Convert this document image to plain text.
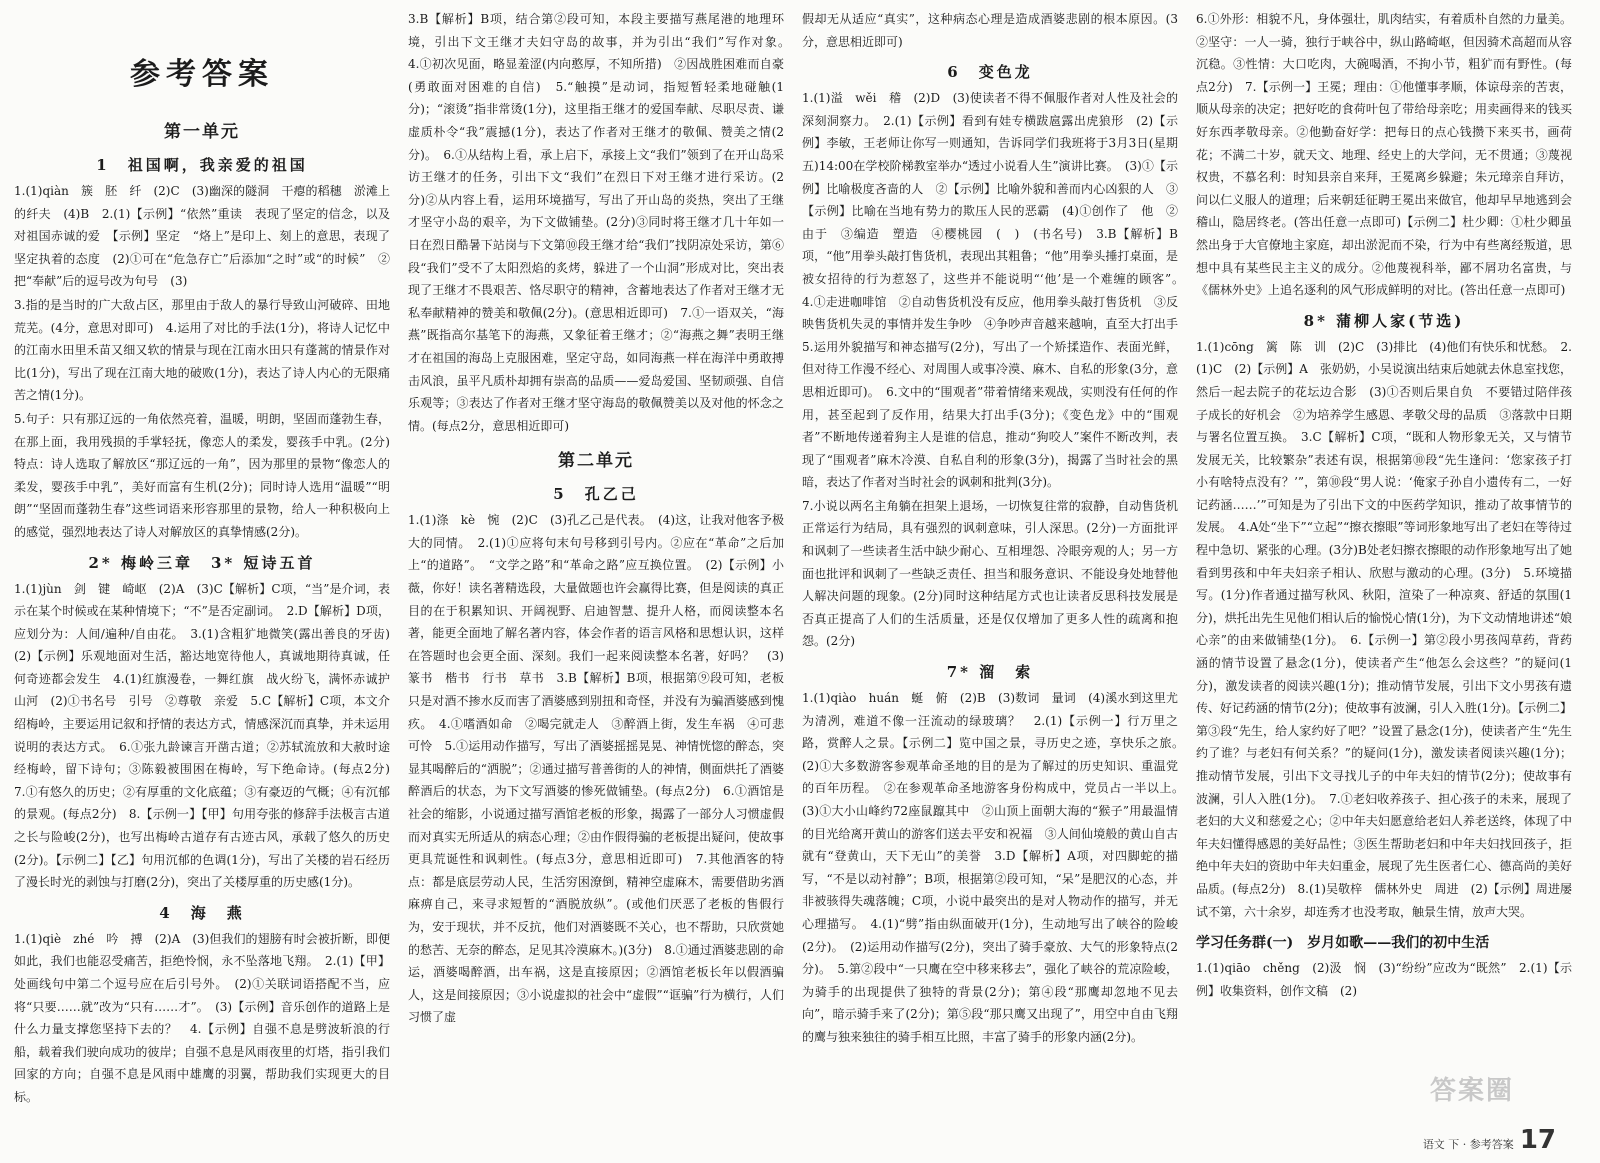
参考答案
第一单元
1　祖国啊，我亲爱的祖国

1.(1)qiàn　簇　胚　纤　(2)C　(3)幽深的隧洞　干瘪的稻穗　淤滩上的纤夫　(4)B　2.(1)【示例】“依然”重读　表现了坚定的信念，以及对祖国赤诚的爱　【示例】坚定　“烙上”是印上、刻上的意思，表现了坚定执着的态度　(2)①可在“危急存亡”后添加“之时”或“的时候”　②把“奉献”后的逗号改为句号　(3)

3.指的是当时的广大敌占区，那里由于敌人的暴行导致山河破碎、田地荒芜。(4分，意思对即可)　4.运用了对比的手法(1分)，将诗人记忆中的江南水田里禾苗又细又软的情景与现在江南水田只有蓬蒿的情景作对比(1分)，写出了现在江南大地的破败(1分)，表达了诗人内心的无限痛苦之情(1分)。

5.句子：只有那辽远的一角依然亮着，温暖，明朗，坚固而蓬勃生春，在那上面，我用残损的手掌轻抚，像恋人的柔发，婴孩手中乳。(2分)特点：诗人选取了解放区“那辽远的一角”，因为那里的景物“像恋人的柔发，婴孩手中乳”，美好而富有生机(2分)；同时诗人选用“温暖”“明朗”“坚固而蓬勃生春”这些词语来形容那里的景物，给人一种积极向上的感觉，强烈地表达了诗人对解放区的真挚情感(2分)。

2* 梅岭三章　3* 短诗五首

1.(1)jùn　剑　键　崎岖　(2)A　(3)C【解析】C项，“当”是介词，表示在某个时候或在某种情境下；“不”是否定副词。　2.D【解析】D项，应划分为：人间/遍种/自由花。　3.(1)含粗犷地微笑(露出善良的牙齿)　(2)【示例】乐观地面对生活，豁达地宽待他人，真诚地期待真诚，任何奇迹都会发生　4.(1)红旗漫卷，一舞红旗　战火纷飞，满怀赤诚护山河　(2)①书名号　引号　②尊敬　亲爱　5.C【解析】C项，本文介绍梅岭，主要运用记叙和抒情的表达方式，情感深沉而真挚，并未运用说明的表达方式。　6.①张九龄谏言开凿古道；②苏轼流放和大赦时途经梅岭，留下诗句；③陈毅被围困在梅岭，写下绝命诗。(每点2分)　7.①有悠久的历史；②有厚重的文化底蕴；③有豪迈的气概；④有沉郁的景观。(每点2分)　8.【示例一】【甲】句用夸张的修辞手法极言古道之长与险峻(2分)，也写出梅岭古道存有古迹古风，承载了悠久的历史(2分)。【示例二】【乙】句用沉郁的色调(1分)，写出了关楼的岩石经历了漫长时光的剥蚀与打磨(2分)，突出了关楼厚重的历史感(1分)。

4　海　燕

1.(1)qiè　zhé　吟　搏　(2)A　(3)但我们的翅膀有时会被折断，即便如此，我们也能忍受痛苦，拒绝怜悯，永不坠落地飞翔。　2.(1)【甲】处画线句中第二个逗号应在后引号外。　(2)①关联词语搭配不当，应将“只要……就”改为“只有……才”。　(3)【示例】音乐创作的道路上是什么力量支撑您坚持下去的？　4.【示例】自强不息是劈波斩浪的行船，载着我们驶向成功的彼岸；自强不息是风雨夜里的灯塔，指引我们回家的方向；自强不息是风雨中雄鹰的羽翼，帮助我们实现更大的目标。

3.B【解析】B项，结合第②段可知，本段主要描写燕尾港的地理环境，引出下文王继才夫妇守岛的故事，并为引出“我们”写作对象。　4.①初次见面，略显羞涩(内向憨厚，不知所措)　②因战胜困难而自豪(勇敢面对困难的自信)　5.“触摸”是动词，指短暂轻柔地碰触(1分)；“滚烫”指非常烫(1分)，这里指王继才的爱国奉献、尽职尽责、谦虚质朴令“我”震撼(1分)，表达了作者对王继才的敬佩、赞美之情(2分)。　6.①从结构上看，承上启下，承接上文“我们”领到了在开山岛采访王继才的任务，引出下文“我们”在烈日下对王继才进行采访。(2分)②从内容上看，运用环境描写，写出了开山岛的炎热，突出了王继才坚守小岛的艰辛，为下文做铺垫。(2分)③同时将王继才几十年如一日在烈日酷暑下站岗与下文第⑩段王继才给“我们”找阴凉处采访，第⑥段“我们”受不了太阳烈焰的炙烤，躲进了一个山洞”形成对比，突出表现了王继才不畏艰苦、恪尽职守的精神，含蓄地表达了作者对王继才无私奉献精神的赞美和敬佩(2分)。(意思相近即可)　7.①一语双关，“海燕”既指高尔基笔下的海燕，又象征着王继才；②“海燕之舞”表明王继才在祖国的海岛上克服困难，坚定守岛，如同海燕一样在海洋中勇敢搏击风浪，虽平凡质朴却拥有崇高的品质——爱岛爱国、坚韧顽强、自信乐观等；③表达了作者对王继才坚守海岛的敬佩赞美以及对他的怀念之情。(每点2分，意思相近即可)

第二单元
5　孔乙己

1.(1)涤　kè　惋　(2)C　(3)孔乙己是代表。　(4)这，让我对他客予极大的同情。　2.(1)①应将句末句号移到引号内。②应在“革命”之后加上“的道路”。　“文学之路”和“革命之路”应互换位置。　(2)【示例】小薇，你好！读名著精选段，大量做题也许会赢得比赛，但是阅读的真正目的在于积累知识、开阔视野、启迪智慧、提升人格，而阅读整本名著，能更全面地了解名著内容，体会作者的语言风格和思想认识，这样在答题时也会更全面、深刻。我们一起来阅读整本名著，好吗？　(3)篆书　楷书　行书　草书　3.B【解析】B项，根据第⑨段可知，老板只是对酒不掺水反而害了酒婆感到别扭和奇怪，并没有为骗酒婆感到愧疚。　4.①嗜酒如命　②喝完就走人　③醉酒上街，发生车祸　④可悲可怜　5.①运用动作描写，写出了酒婆摇摇晃晃、神情恍惚的醉态，突显其喝醉后的“洒脱”；②通过描写普善街的人的神情，侧面烘托了酒婆醉酒后的状态，为下文写酒婆的惨死做铺垫。(每点2分)　6.①酒馆是社会的缩影，小说通过描写酒馆老板的形象，揭露了一部分人习惯虚假而对真实无所适从的病态心理；②由作假得骗的老板提出疑问，使故事更具荒诞性和讽刺性。(每点3分，意思相近即可)　7.其他酒客的特点：都是底层劳动人民，生活穷困潦倒，精神空虚麻木，需要借助劣酒麻痹自己，来寻求短暂的“酒脱放纵”。(或他们厌恶了老板的售假行为，安于现状，并不反抗，他们对酒婆既不关心，也不帮助，只欣赏她的愁苦、无奈的醉态，足见其冷漠麻木。)(3分)　8.①通过酒婆悲剧的命运，酒婆喝醉酒，出车祸，这是直接原因；②酒馆老板长年以假酒骗人，这是间接原因；③小说虚拟的社会中“虚假”“诓骗”行为横行，人们习惯了虚

假却无从适应“真实”，这种病态心理是造成酒婆悲剧的根本原因。(3分，意思相近即可)

6　变色龙

1.(1)溢　wěi　稽　(2)D　(3)使读者不得不佩服作者对人性及社会的深刻洞察力。　2.(1)【示例】看到有娃专横跋扈露出虎狼形　(2)【示例】李敏，王老师让你写一则通知，告诉同学们我班将于3月3日(星期五)14:00在学校阶梯教室举办“透过小说看人生”演讲比赛。　(3)①【示例】比喻极度吝啬的人　②【示例】比喻外貌和善而内心凶狠的人　③【示例】比喻在当地有势力的欺压人民的恶霸　(4)①创作了　他　②由于　③编造　塑造　④樱桃园　(　)　(书名号)　3.B【解析】B项，“他”用拳头敲打售货机，表现出其粗鲁；“他”用拳头捶打桌面，是被女招待的行为惹怒了，这些并不能说明“‘他’是一个难缠的顾客”。　4.①走进咖啡馆　②自动售货机没有反应，他用拳头敲打售货机　③反映售货机失灵的事情并发生争吵　④争吵声音越来越响，直至大打出手　5.运用外貌描写和神态描写(2分)，写出了一个矫揉造作、表面光鲜，但对待工作漫不经心、对周围人或事冷漠、麻木、自私的形象(3分，意思相近即可)。　6.文中的“围观者”带着情绪来观战，实则没有任何的作用，甚至起到了反作用，结果大打出手(3分)；《变色龙》中的“围观者”不断地传递着狗主人是谁的信息，推动“狗咬人”案件不断改判，表现了“围观者”麻木冷漠、自私自利的形象(3分)，揭露了当时社会的黑暗，表达了作者对当时社会的讽刺和批判(3分)。

7.小说以两名主角躺在担架上退场，一切恢复往常的寂静，自动售货机正常运行为结局，具有强烈的讽刺意味，引人深思。(2分)一方面批评和讽刺了一些读者生活中缺少耐心、互相埋怨、冷眼旁观的人；另一方面也批评和讽刺了一些缺乏责任、担当和服务意识、不能设身处地替他人解决问题的现象。(2分)同时这种结尾方式也让读者反思科技发展是否真正提高了人们的生活质量，还是仅仅增加了更多人性的疏离和抱怨。(2分)

7* 溜　索

1.(1)qiào　huán　蜒　俯　(2)B　(3)数词　量词　(4)溪水到这里尤为清冽，难道不像一汪流动的绿玻璃？　2.(1)【示例一】行万里之路，赏醉人之景。【示例二】览中国之景，寻历史之迹，享快乐之旅。　(2)①大多数游客参观革命圣地的目的是为了解过的历史知识、重温党的百年历程。　②在参观革命圣地游客身份构成中，党员占一半以上。　(3)①大小山峰约72座鼠躥其中　②山顶上面朝大海的“猴子”用最温情的目光给离开黄山的游客们送去平安和祝福　③人间仙境般的黄山自古就有“登黄山，天下无山”的美誉　3.D【解析】A项，对四脚蛇的描写，“不是以动衬静”；B项，根据第②段可知，“呆”是肥汉的心态，并非被骇得失魂落魄；C项，小说中最突出的是对人物动作的描写，并无心理描写。　4.(1)“劈”指由纵面破开(1分)，生动地写出了峡谷的险峻(2分)。　(2)运用动作描写(2分)，突出了骑手豪放、大气的形象特点(2分)。　5.第②段中“一只鹰在空中移来移去”，强化了峡谷的荒凉险峻，为骑手的出现提供了独特的背景(2分)；第④段“那鹰却忽地不见去向”，暗示骑手来了(2分)；第⑤段“那只鹰又出现了”，用空中自由飞翔的鹰与独来独往的骑手相互比照，丰富了骑手的形象内涵(2分)。

6.①外形：相貌不凡，身体强壮，肌肉结实，有着质朴自然的力量美。②坚守：一人一骑，独行于峡谷中，纵山路崎岖，但因骑术高超而从容沉稳。③性情：大口吃肉，大碗喝酒，不拘小节，粗犷而有野性。(每点2分)　7.【示例一】王冕；理由：①他懂事孝顺，体谅母亲的苦衷，顺从母亲的决定；把好吃的食荷叶包了带给母亲吃；用卖画得来的钱买好东西孝敬母亲。②他勤奋好学：把每日的点心钱攒下来买书，画荷花；不满二十岁，就天文、地理、经史上的大学问，无不贯通；③蔑视权贵，不慕名利：时知县亲自来拜，王冕离乡躲避；朱元璋亲自拜访，问以仁义服人的道理；后来朝廷征聘王冕出来做官，他却早早地逃到会稽山，隐居终老。(答出任意一点即可)【示例二】杜少卿：①杜少卿虽然出身于大官僚地主家庭，却出淤泥而不染，行为中有些离经叛道，思想中具有某些民主主义的成分。②他蔑视科举，鄙不屑功名富贵，与《儒林外史》上追名逐利的风气形成鲜明的对比。(答出任意一点即可)

8* 蒲柳人家(节选)

1.(1)cōng　篱　陈　训　(2)C　(3)排比　(4)他们有快乐和忧愁。　2.(1)C　(2)【示例】A　张奶奶，小吴说演出结束后她就去休息室找您，然后一起去院子的花坛边合影　(3)①否则后果自负　不要错过陪伴孩子成长的好机会　②为培养学生感恩、孝敬父母的品质　③落款中日期与署名位置互换。　3.C【解析】C项，“既和人物形象无关，又与情节发展无关，比较繁杂”表述有误，根据第⑩段“先生逢问：‘您家孩子打小有啥特点没有？’”，第⑩段“男人说：‘俺家子孙自小遗传有二，一好记药涵……’”可知是为了引出下文的中医药学知识，推动了故事情节的发展。　4.A处“坐下”“立起”“擦衣擦眼”等词形象地写出了老妇在等待过程中急切、紧张的心理。(3分)B处老妇擦衣擦眼的动作形象地写出了她看到男孩和中年夫妇亲子相认、欣慰与激动的心理。(3分)　5.环境描写。(1分)作者通过描写秋风、秋阳，渲染了一种凉爽、舒适的氛围(1分)，烘托出先生见他们相认后的愉悦心情(1分)，为下文动情地讲述“娘心亲”的由来做铺垫(1分)。　6.【示例一】第②段小男孩闯草药，背药涵的情节设置了悬念(1分)，使读者产生“他怎么会这些？”的疑问(1分)，激发读者的阅读兴趣(1分)；推动情节发展，引出下文小男孩有遗传、好记药涵的情节(2分)；使故事有波澜，引人入胜(1分)。【示例二】第③段“先生，给人家约好了吧？”设置了悬念(1分)，使读者产生“先生约了谁？与老妇有何关系？”的疑问(1分)，激发读者阅读兴趣(1分)；推动情节发展，引出下文寻找儿子的中年夫妇的情节(2分)；使故事有波澜，引人入胜(1分)。　7.①老妇收养孩子、担心孩子的未来，展现了老妇的大义和慈爱之心；②中年夫妇愿意给老妇人养老送终，体现了中年夫妇懂得感恩的美好品性；③医生帮助老妇和中年夫妇找回孩子，拒绝中年夫妇的资助中年夫妇重金，展现了先生医者仁心、德高尚的美好品质。(每点2分)　8.(1)吴敬梓　儒林外史　周进　(2)【示例】周进屡试不第，六十余岁，却连秀才也没考取，触景生情，放声大哭。

学习任务群(一)　岁月如歌——我们的初中生活

1.(1)qiāo　chěng　(2)汲　悯　(3)“纷纷”应改为“既然”　2.(1)【示例】收集资料，创作文稿　(2)

答案圈
语文 下 · 参考答案 17
